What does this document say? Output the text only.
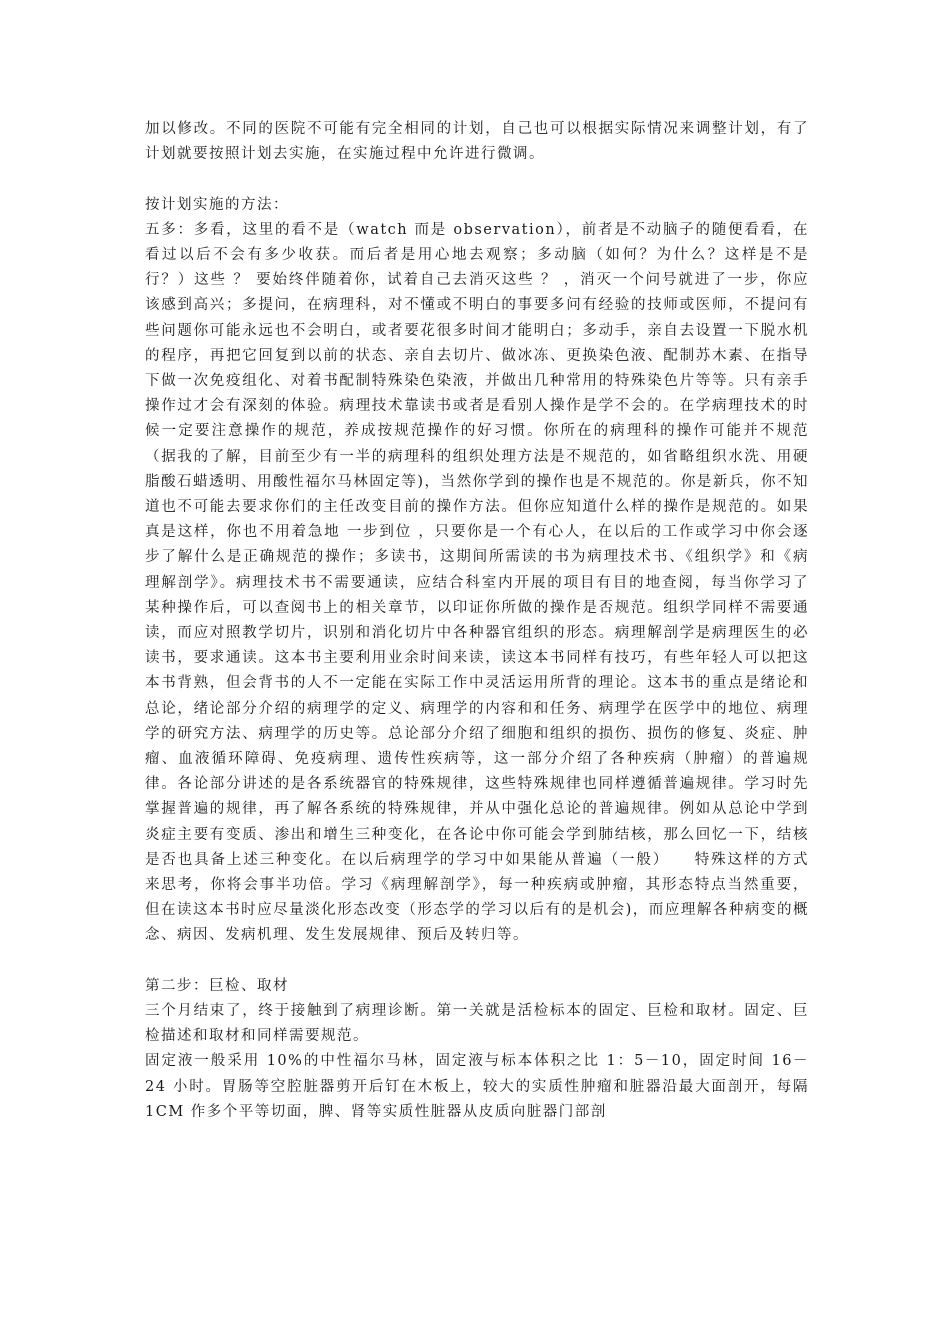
加以修改。不同的医院不可能有完全相同的计划，自己也可以根据实际情况来调整计划，有了计划就要按照计划去实施，在实施过程中允许进行微调。

按计划实施的方法：

五多：多看，这里的看不是（watch 而是 observation），前者是不动脑子的随便看看，在看过以后不会有多少收获。而后者是用心地去观察；多动脑（如何？为什么？这样是不是行？）这些 ？ 要始终伴随着你，试着自己去消灭这些 ？ ，消灭一个问号就进了一步，你应该感到高兴；多提问，在病理科，对不懂或不明白的事要多问有经验的技师或医师，不提问有些问题你可能永远也不会明白，或者要花很多时间才能明白；多动手，亲自去设置一下脱水机的程序，再把它回复到以前的状态、亲自去切片、做冰冻、更换染色液、配制苏木素、在指导下做一次免疫组化、对着书配制特殊染色染液，并做出几种常用的特殊染色片等等。只有亲手操作过才会有深刻的体验。病理技术靠读书或者是看别人操作是学不会的。在学病理技术的时候一定要注意操作的规范，养成按规范操作的好习惯。你所在的病理科的操作可能并不规范（据我的了解，目前至少有一半的病理科的组织处理方法是不规范的，如省略组织水洗、用硬脂酸石蜡透明、用酸性福尔马林固定等)，当然你学到的操作也是不规范的。你是新兵，你不知道也不可能去要求你们的主任改变目前的操作方法。但你应知道什么样的操作是规范的。如果真是这样，你也不用着急地 一步到位 ，只要你是一个有心人，在以后的工作或学习中你会逐步了解什么是正确规范的操作；多读书，这期间所需读的书为病理技术书、《组织学》和《病理解剖学》。病理技术书不需要通读，应结合科室内开展的项目有目的地查阅，每当你学习了某种操作后，可以查阅书上的相关章节，以印证你所做的操作是否规范。组织学同样不需要通读，而应对照教学切片，识别和消化切片中各种器官组织的形态。病理解剖学是病理医生的必读书，要求通读。这本书主要利用业余时间来读，读这本书同样有技巧，有些年轻人可以把这本书背熟，但会背书的人不一定能在实际工作中灵活运用所背的理论。这本书的重点是绪论和总论，绪论部分介绍的病理学的定义、病理学的内容和和任务、病理学在医学中的地位、病理学的研究方法、病理学的历史等。总论部分介绍了细胞和组织的损伤、损伤的修复、炎症、肿瘤、血液循环障碍、免疫病理、遗传性疾病等，这一部分介绍了各种疾病（肿瘤）的普遍规律。各论部分讲述的是各系统器官的特殊规律，这些特殊规律也同样遵循普遍规律。学习时先掌握普遍的规律，再了解各系统的特殊规律，并从中强化总论的普遍规律。例如从总论中学到炎症主要有变质、渗出和增生三种变化，在各论中你可能会学到肺结核，那么回忆一下，结核是否也具备上述三种变化。在以后病理学的学习中如果能从普遍（一般）　　特殊这样的方式来思考，你将会事半功倍。学习《病理解剖学》，每一种疾病或肿瘤，其形态特点当然重要，但在读这本书时应尽量淡化形态改变（形态学的学习以后有的是机会)，而应理解各种病变的概念、病因、发病机理、发生发展规律、预后及转归等。

第二步：巨检、取材

三个月结束了，终于接触到了病理诊断。第一关就是活检标本的固定、巨检和取材。固定、巨检描述和取材和同样需要规范。

固定液一般采用 10%的中性福尔马林，固定液与标本体积之比 1：5－10，固定时间 16－24 小时。胃肠等空腔脏器剪开后钉在木板上，较大的实质性肿瘤和脏器沿最大面剖开，每隔 1CM 作多个平等切面，脾、肾等实质性脏器从皮质向脏器门部剖
